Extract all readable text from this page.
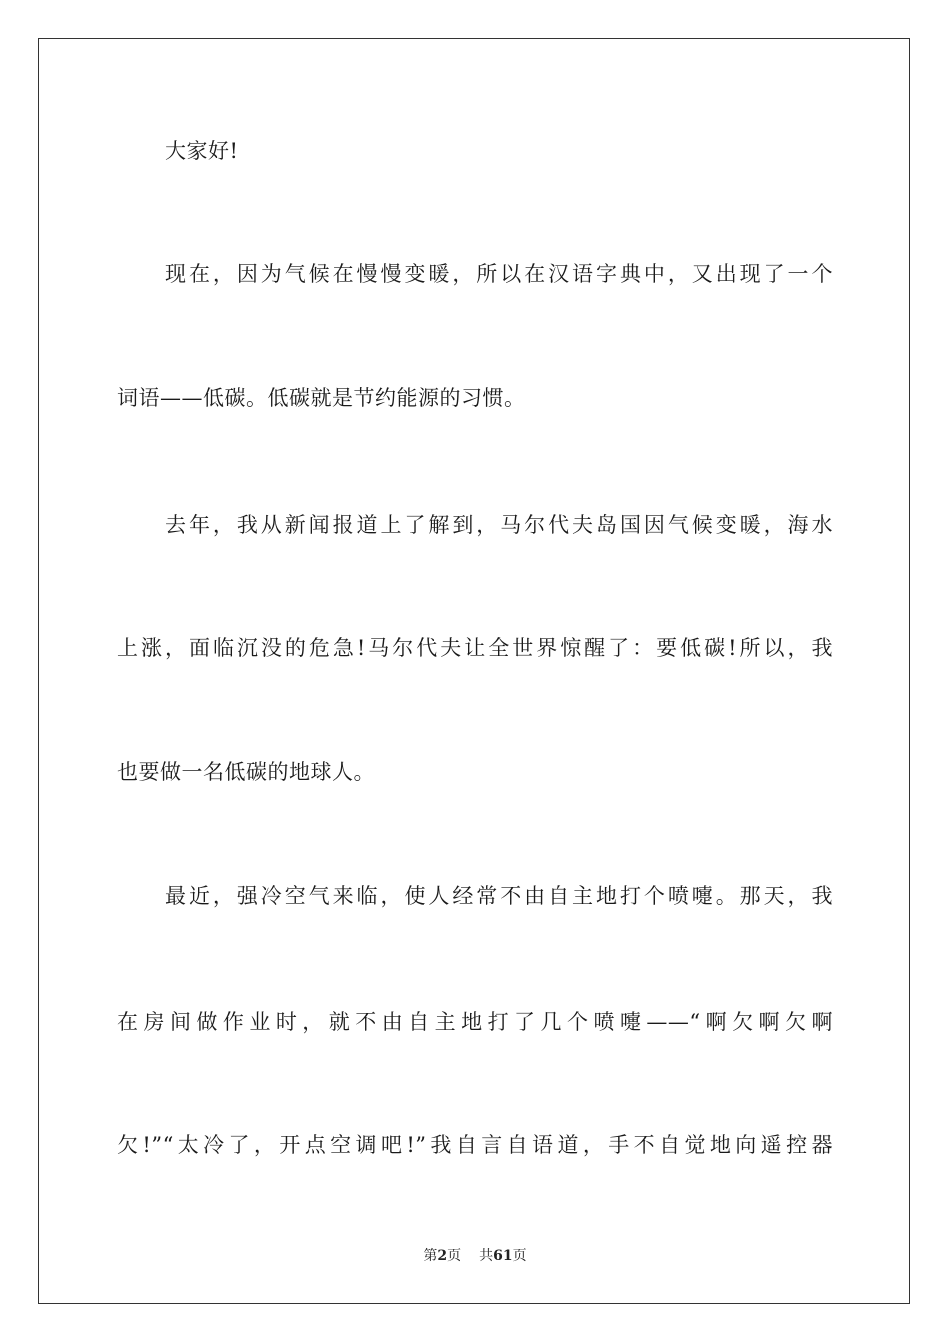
大家好!
现在，因为气候在慢慢变暖，所以在汉语字典中，又出现了一个
词语——低碳。低碳就是节约能源的习惯。
去年，我从新闻报道上了解到，马尔代夫岛国因气候变暖，海水
上涨，面临沉没的危急!马尔代夫让全世界惊醒了：要低碳!所以，我
也要做一名低碳的地球人。
最近，强冷空气来临，使人经常不由自主地打个喷嚏。那天，我
在房间做作业时，就不由自主地打了几个喷嚏——“啊欠啊欠啊
欠!”“太冷了，开点空调吧!”我自言自语道，手不自觉地向遥控器
第2页 共61页
